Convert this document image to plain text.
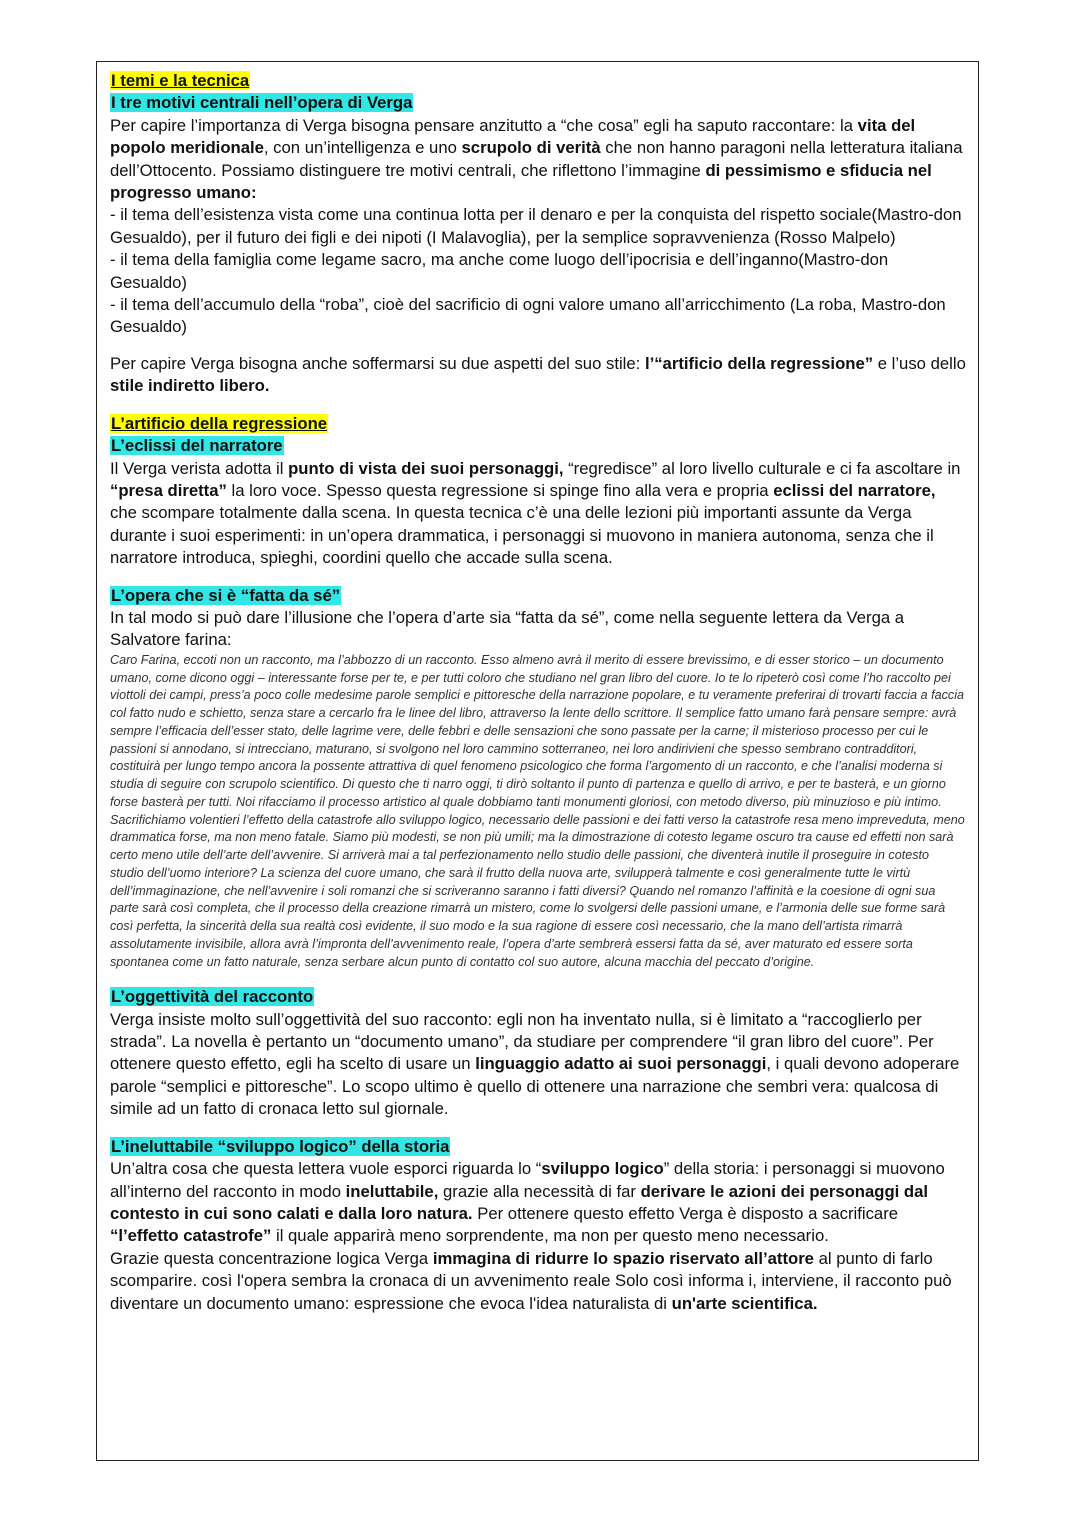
I temi e la tecnica

I tre motivi centrali nell’opera di Verga

Per capire l’importanza di Verga bisogna pensare anzitutto a “che cosa” egli ha saputo raccontare: la vita del popolo meridionale, con un’intelligenza e uno scrupolo di verità che non hanno paragoni nella letteratura italiana dell’Ottocento. Possiamo distinguere tre motivi centrali, che riflettono l’immagine di pessimismo e sfiducia nel progresso umano:

- il tema dell’esistenza vista come una continua lotta per il denaro e per la conquista del rispetto sociale(Mastro-don Gesualdo), per il futuro dei figli e dei nipoti (I Malavoglia), per la semplice sopravvenienza (Rosso Malpelo)

- il tema della famiglia come legame sacro, ma anche come luogo dell’ipocrisia e dell’inganno(Mastro-don Gesualdo)

- il tema dell’accumulo della “roba”, cioè del sacrificio di ogni valore umano all’arricchimento (La roba, Mastro-don Gesualdo)

Per capire Verga bisogna anche soffermarsi su due aspetti del suo stile: l’“artificio della regressione” e l’uso dello stile indiretto libero.

L’artificio della regressione

L’eclissi del narratore

Il Verga verista adotta il punto di vista dei suoi personaggi, “regredisce” al loro livello culturale e ci fa ascoltare in “presa diretta” la loro voce. Spesso questa regressione si spinge fino alla vera e propria eclissi del narratore, che scompare totalmente dalla scena. In questa tecnica c’è una delle lezioni più importanti assunte da Verga durante i suoi esperimenti: in un’opera drammatica, i personaggi si muovono in maniera autonoma, senza che il narratore introduca, spieghi, coordini quello che accade sulla scena.

L’opera che si è “fatta da sé”

In tal modo si può dare l’illusione che l’opera d’arte sia “fatta da sé”, come nella seguente lettera da Verga a Salvatore farina:

Caro Farina, eccoti non un racconto, ma l’abbozzo di un racconto. Esso almeno avrà il merito di essere brevissimo, e di esser storico – un documento umano, come dicono oggi – interessante forse per te, e per tutti coloro che studiano nel gran libro del cuore. Io te lo ripeterò così come l’ho raccolto pei viottoli dei campi, press’a poco colle medesime parole semplici e pittoresche della narrazione popolare, e tu veramente preferirai di trovarti faccia a faccia col fatto nudo e schietto, senza stare a cercarlo fra le linee del libro, attraverso la lente dello scrittore. Il semplice fatto umano farà pensare sempre: avrà sempre l’efficacia dell’esser stato, delle lagrime vere, delle febbri e delle sensazioni che sono passate per la carne; il misterioso processo per cui le passioni si annodano, si intrecciano, maturano, si svolgono nel loro cammino sotterraneo, nei loro andirivieni che spesso sembrano contradditori, costituirà per lungo tempo ancora la possente attrattiva di quel fenomeno psicologico che forma l’argomento di un racconto, e che l’analisi moderna si studia di seguire con scrupolo scientifico. Di questo che ti narro oggi, ti dirò soltanto il punto di partenza e quello di arrivo, e per te basterà, e un giorno forse basterà per tutti. Noi rifacciamo il processo artistico al quale dobbiamo tanti monumenti gloriosi, con metodo diverso, più minuzioso e più intimo. Sacrifichiamo volentieri l’effetto della catastrofe allo sviluppo logico, necessario delle passioni e dei fatti verso la catastrofe resa meno impreveduta, meno drammatica forse, ma non meno fatale. Siamo più modesti, se non più umili; ma la dimostrazione di cotesto legame oscuro tra cause ed effetti non sarà certo meno utile dell’arte dell’avvenire. Si arriverà mai a tal perfezionamento nello studio delle passioni, che diventerà inutile il proseguire in cotesto studio dell’uomo interiore? La scienza del cuore umano, che sarà il frutto della nuova arte, svilupperà talmente e così generalmente tutte le virtù dell’immaginazione, che nell’avvenire i soli romanzi che si scriveranno saranno i fatti diversi? Quando nel romanzo l’affinità e la coesione di ogni sua parte sarà così completa, che il processo della creazione rimarrà un mistero, come lo svolgersi delle passioni umane, e l’armonia delle sue forme sarà così perfetta, la sincerità della sua realtà così evidente, il suo modo e la sua ragione di essere così necessario, che la mano dell’artista rimarrà assolutamente invisibile, allora avrà l’impronta dell’avvenimento reale, l’opera d’arte sembrerà essersi fatta da sé, aver maturato ed essere sorta spontanea come un fatto naturale, senza serbare alcun punto di contatto col suo autore, alcuna macchia del peccato d’origine.

L’oggettività del racconto

Verga insiste molto sull’oggettività del suo racconto: egli non ha inventato nulla, si è limitato a “raccoglierlo per strada”. La novella è pertanto un “documento umano”, da studiare per comprendere “il gran libro del cuore”. Per ottenere questo effetto, egli ha scelto di usare un linguaggio adatto ai suoi personaggi, i quali devono adoperare parole “semplici e pittoresche”. Lo scopo ultimo è quello di ottenere una narrazione che sembri vera: qualcosa di simile ad un fatto di cronaca letto sul giornale.

L’ineluttabile “sviluppo logico” della storia

Un’altra cosa che questa lettera vuole esporci riguarda lo “sviluppo logico” della storia: i personaggi si muovono all’interno del racconto in modo ineluttabile, grazie alla necessità di far derivare le azioni dei personaggi dal contesto in cui sono calati e dalla loro natura. Per ottenere questo effetto Verga è disposto a sacrificare “l’effetto catastrofe” il quale apparirà meno sorprendente, ma non per questo meno necessario.

Grazie questa concentrazione logica Verga immagina di ridurre lo spazio riservato all’attore al punto di farlo scomparire. così l'opera sembra la cronaca di un avvenimento reale Solo così informa i, interviene, il racconto può diventare un documento umano: espressione che evoca l'idea naturalista di un'arte scientifica.
